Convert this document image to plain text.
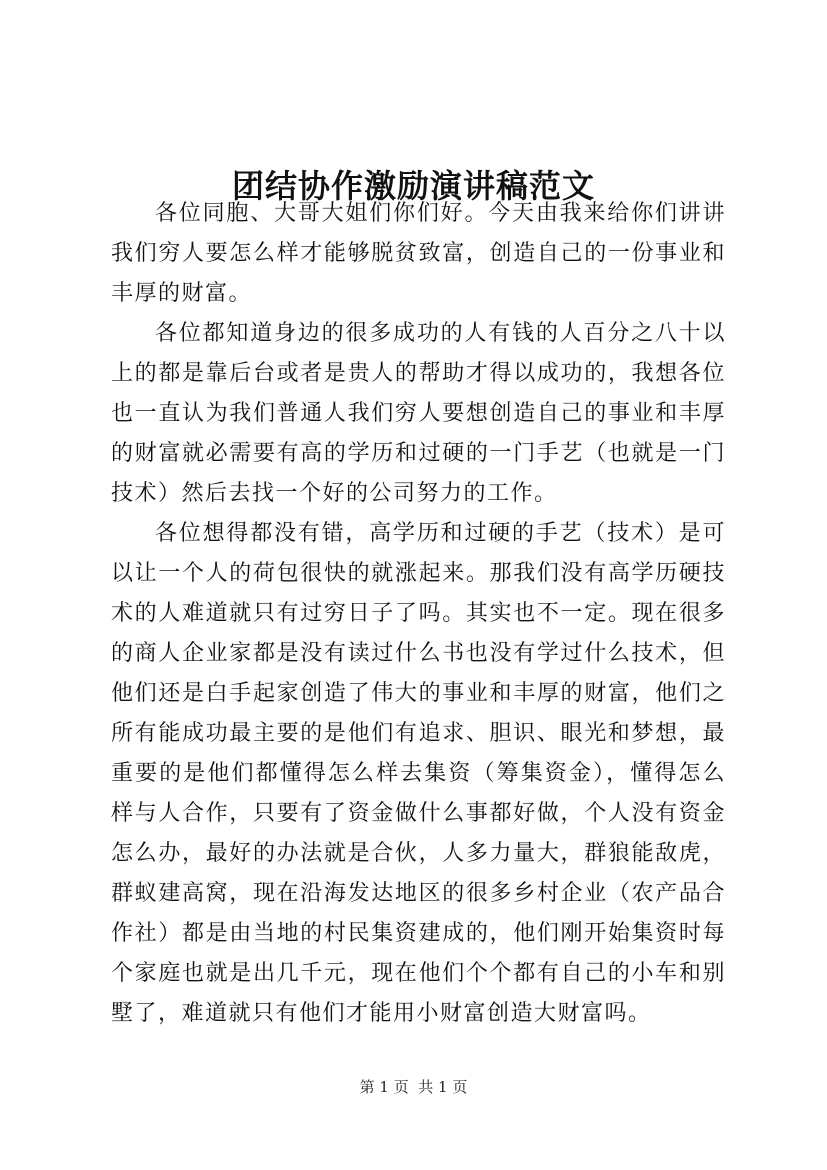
团结协作激励演讲稿范文

各位同胞、大哥大姐们你们好。今天由我来给你们讲讲我们穷人要怎么样才能够脱贫致富，创造自己的一份事业和丰厚的财富。

各位都知道身边的很多成功的人有钱的人百分之八十以上的都是靠后台或者是贵人的帮助才得以成功的，我想各位也一直认为我们普通人我们穷人要想创造自己的事业和丰厚的财富就必需要有高的学历和过硬的一门手艺（也就是一门技术）然后去找一个好的公司努力的工作。

各位想得都没有错，高学历和过硬的手艺（技术）是可以让一个人的荷包很快的就涨起来。那我们没有高学历硬技术的人难道就只有过穷日子了吗。其实也不一定。现在很多的商人企业家都是没有读过什么书也没有学过什么技术，但他们还是白手起家创造了伟大的事业和丰厚的财富，他们之所有能成功最主要的是他们有追求、胆识、眼光和梦想，最重要的是他们都懂得怎么样去集资（筹集资金），懂得怎么样与人合作，只要有了资金做什么事都好做，个人没有资金怎么办，最好的办法就是合伙，人多力量大，群狼能敌虎，群蚁建高窝，现在沿海发达地区的很多乡村企业（农产品合作社）都是由当地的村民集资建成的，他们刚开始集资时每个家庭也就是出几千元，现在他们个个都有自己的小车和别墅了，难道就只有他们才能用小财富创造大财富吗。

第 1 页  共 1 页
